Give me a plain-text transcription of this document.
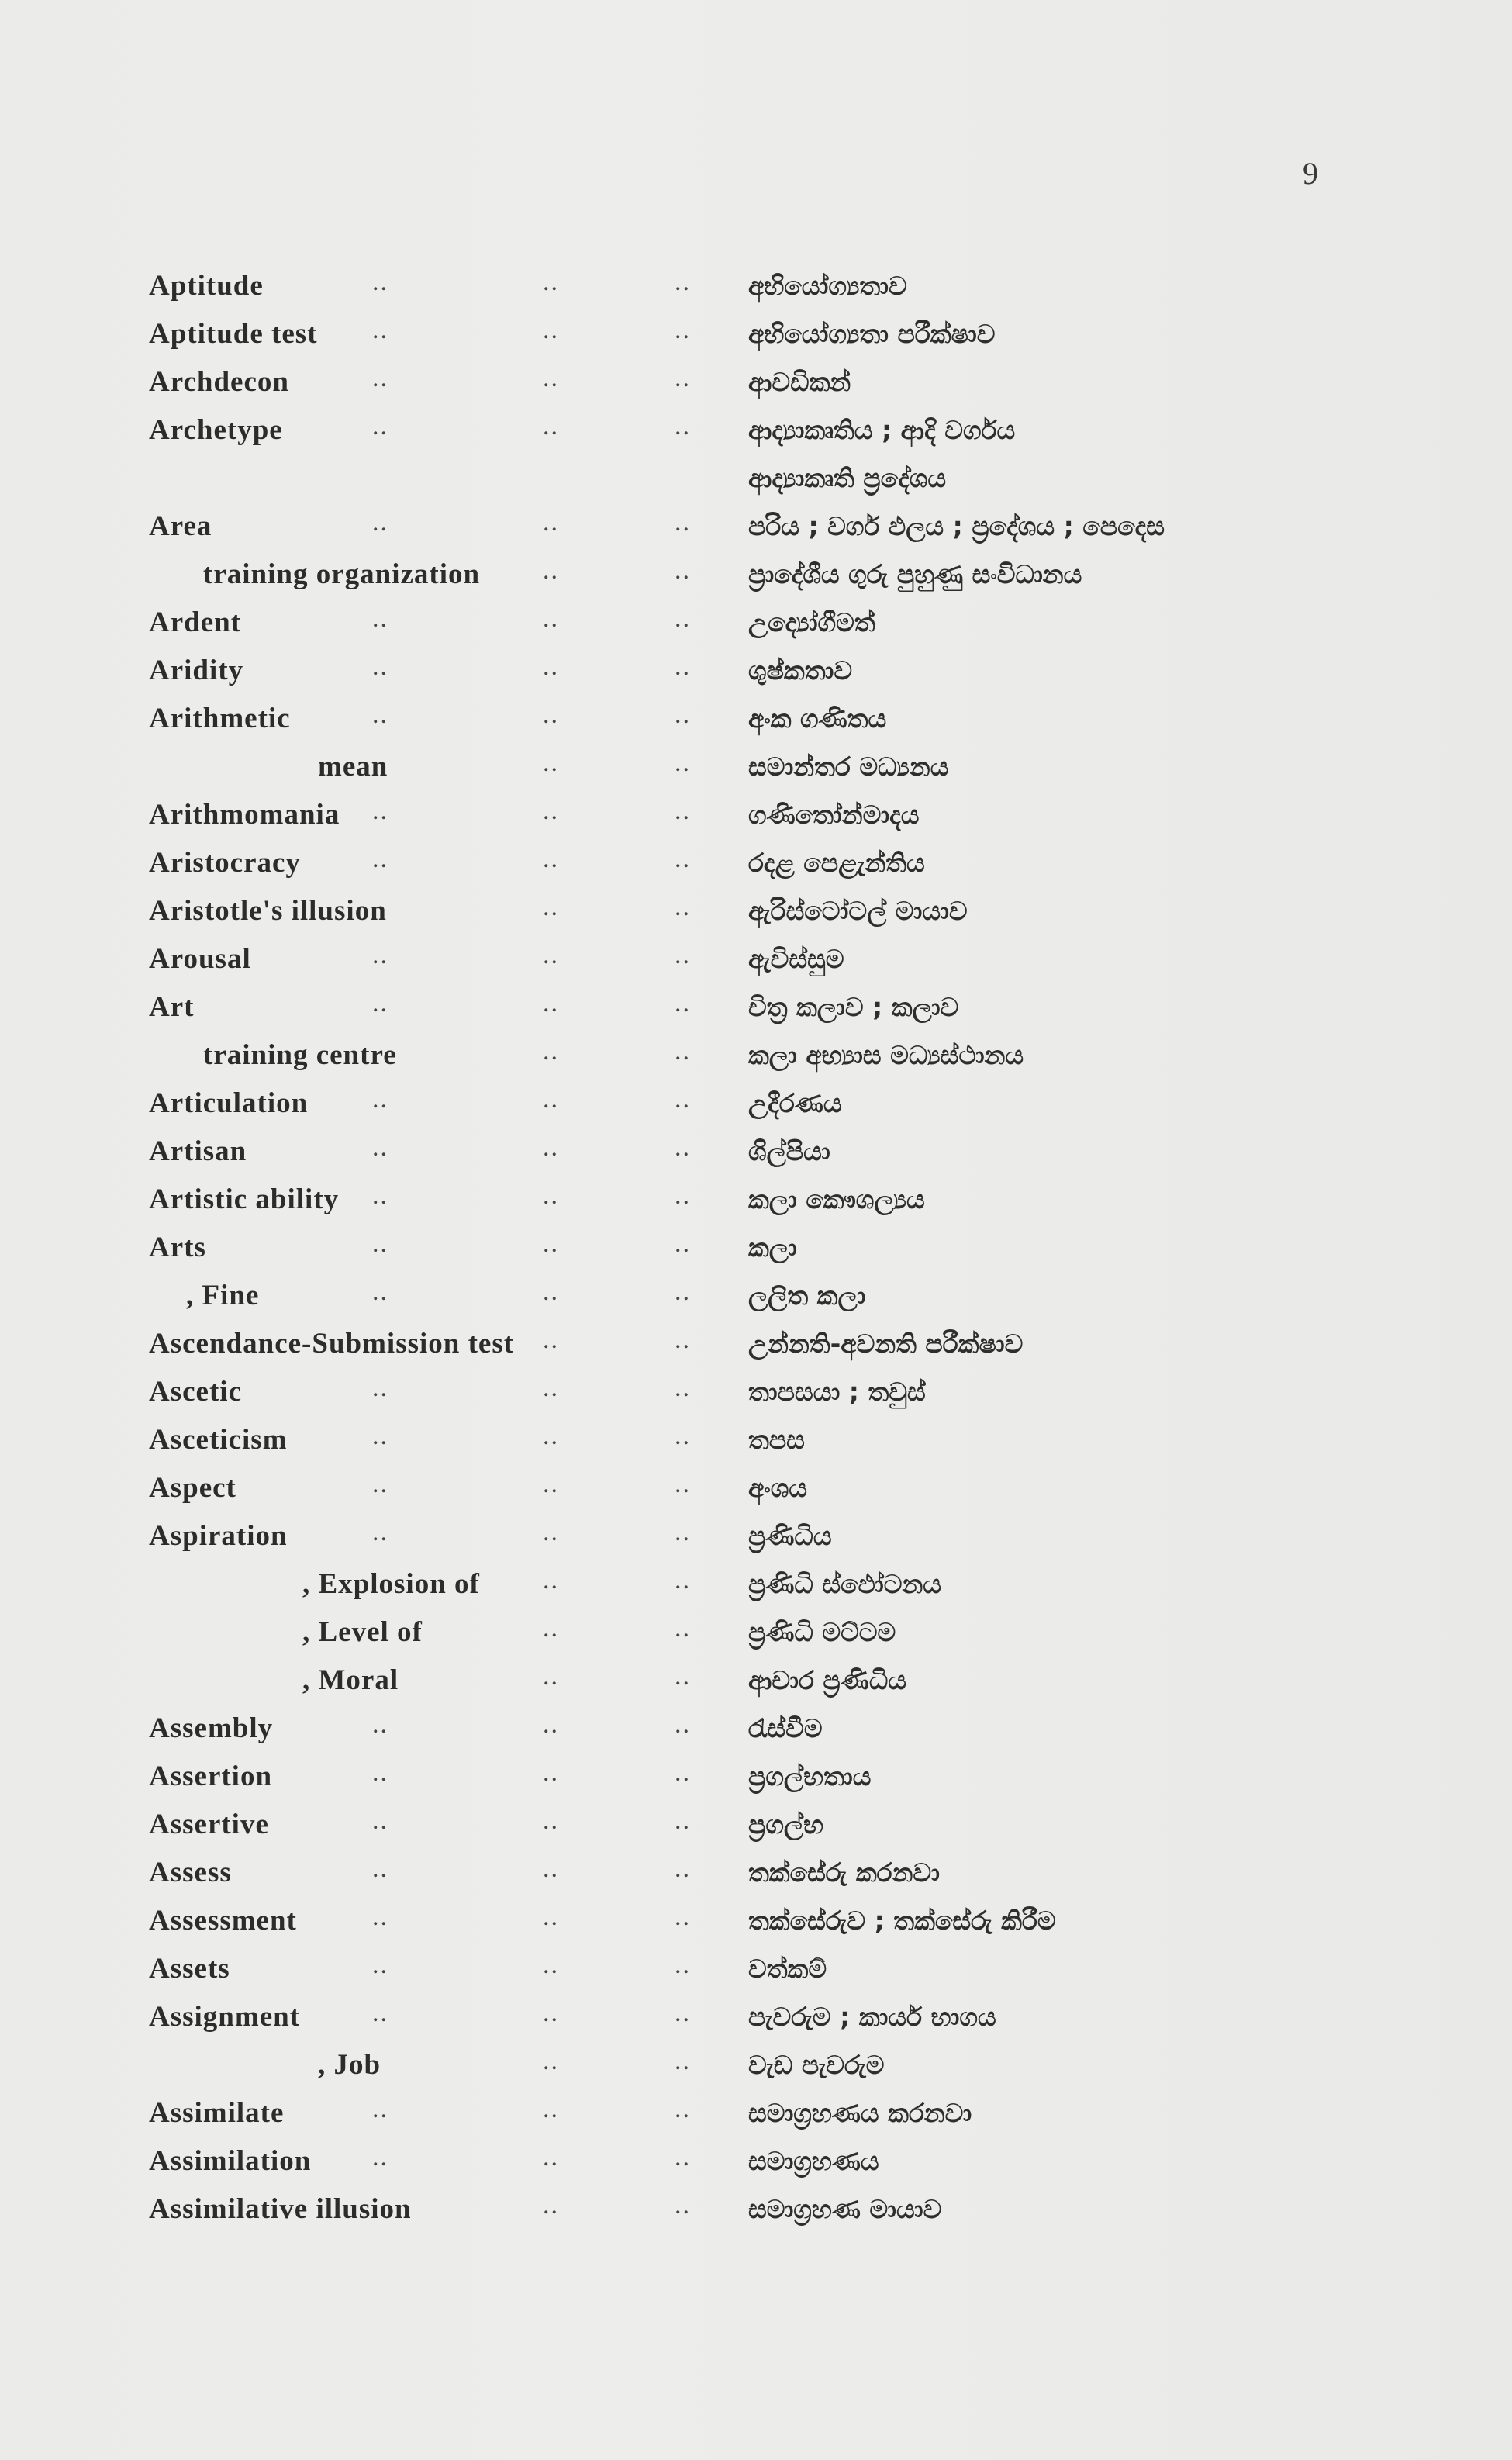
9
Aptitude	..	..	.. අභියෝග්‍යතාව
Aptitude test ..	..	.. අභියෝග්‍යතා පරීක්ෂාව
Archdecon	..	..	.. ආචඩිකන්
Archetype	..	..	.. ආද්‍යාකෘතිය ; ආදි වර්ගය
ආද්‍යාකෘති ප්‍රදේශය
Area	..	..	.. පරිය ; වර්ග ඵලය ; ප්‍රදේශය ; පෙදෙස
training organization ..	.. ප්‍රාදේශීය ගුරු පුහුණු සංවිධානය
Ardent	..	..	.. උද්‍යෝගීමත්
Aridity	..	..	.. ශුෂ්කතාව
Arithmetic	..	..	.. අංක ගණිතය
mean	..	.. සමාන්තර මධ්‍යනය
Arithmomania ..	..	.. ගණිතෝන්මාදය
Aristocracy	..	..	.. රදළ පෙළැන්තිය
Aristotle's illusion	..	.. ඇරිස්ටෝටල් මායාව
Arousal	..	..	.. ඇවිස්සුම
Art	..	..	.. චිත්‍ර කලාව ; කලාව
training centre	..	.. කලා අභ්‍යාස මධ්‍යස්ථානය
Articulation ..	..	.. උදීරණය
Artisan	..	..	.. ශිල්පියා
Artistic ability ..	..	.. කලා කෞශල්‍යය
Arts	..	..	.. කලා
, Fine	..	..	.. ලලිත කලා
Ascendance-Submission test ..	.. උන්නති-අවනති පරීක්ෂාව
Ascetic	..	..	.. තාපසයා ; තවුස්
Asceticism	..	..	.. තපස
Aspect	..	..	.. අංශය
Aspiration	..	..	.. ප්‍රණිධිය
, Explosion of ..	.. ප්‍රණිධි ස්ඵෝටනය
, Level of	..	.. ප්‍රණිධි මට්ටම
, Moral	..	.. ආචාර ප්‍රණිධිය
Assembly	..	..	.. රැස්වීම
Assertion	..	..	.. ප්‍රගල්භතාය
Assertive	..	..	.. ප්‍රගල්භ
Assess	..	..	.. තක්සේරු කරනවා
Assessment	..	..	.. තක්සේරුව ; තක්සේරු කිරීම
Assets	..	..	.. වත්කම්
Assignment	..	..	.. පැවරුම ; කාර්ය භාගය
, Job	..	.. වැඩ පැවරුම
Assimilate	..	..	.. සමාග්‍රහණය කරනවා
Assimilation ..	..	.. සමාග්‍රහණය
Assimilative illusion	..	.. සමාග්‍රහණ මායාව
